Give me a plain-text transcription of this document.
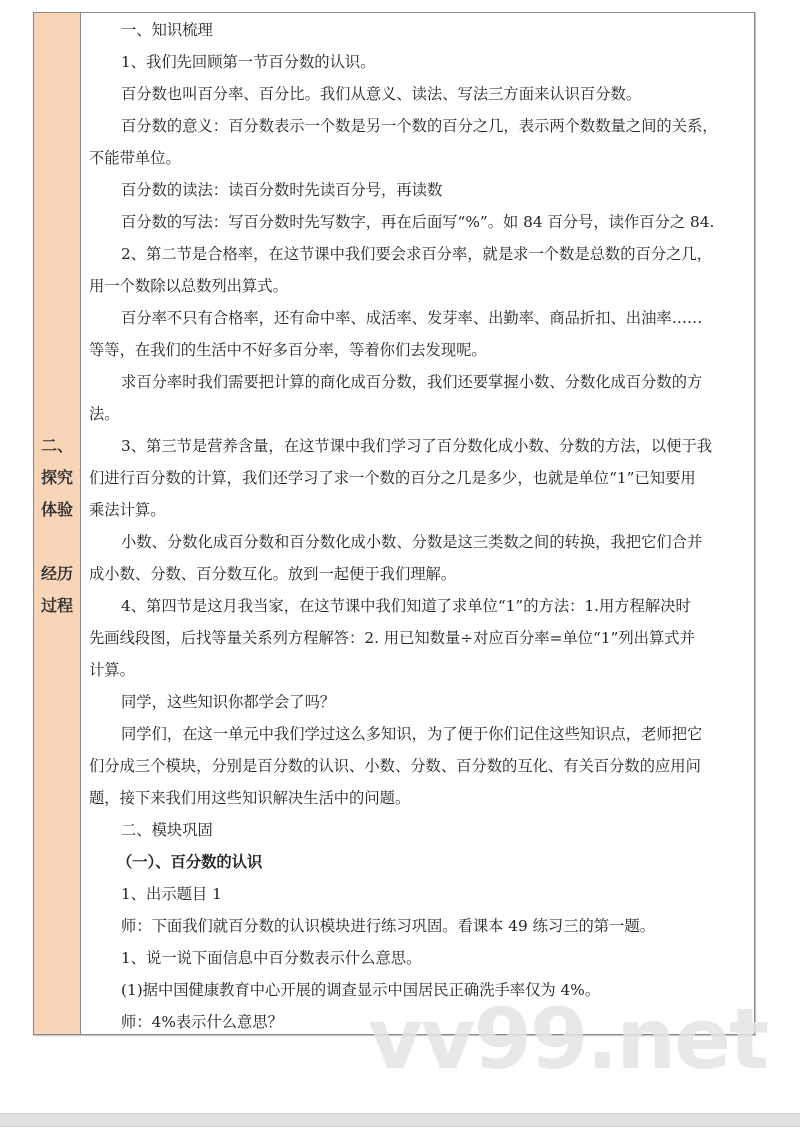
二、
探究
体验
经历
过程
一、知识梳理
1、我们先回顾第一节百分数的认识。
百分数也叫百分率、百分比。我们从意义、读法、写法三方面来认识百分数。
百分数的意义：百分数表示一个数是另一个数的百分之几，表示两个数数量之间的关系，
不能带单位。
百分数的读法：读百分数时先读百分号，再读数
百分数的写法：写百分数时先写数字，再在后面写“%”。如 84 百分号，读作百分之 84.
2、第二节是合格率，在这节课中我们要会求百分率，就是求一个数是总数的百分之几，
用一个数除以总数列出算式。
百分率不只有合格率，还有命中率、成活率、发芽率、出勤率、商品折扣、出油率……
等等，在我们的生活中不好多百分率，等着你们去发现呢。
求百分率时我们需要把计算的商化成百分数，我们还要掌握小数、分数化成百分数的方
法。
3、第三节是营养含量，在这节课中我们学习了百分数化成小数、分数的方法，以便于我
们进行百分数的计算，我们还学习了求一个数的百分之几是多少，也就是单位“1”已知要用
乘法计算。
小数、分数化成百分数和百分数化成小数、分数是这三类数之间的转换，我把它们合并
成小数、分数、百分数互化。放到一起便于我们理解。
4、第四节是这月我当家，在这节课中我们知道了求单位“1”的方法：1.用方程解决时
先画线段图，后找等量关系列方程解答：2. 用已知数量÷对应百分率=单位“1”列出算式并
计算。
同学，这些知识你都学会了吗？
同学们，在这一单元中我们学过这么多知识，为了便于你们记住这些知识点，老师把它
们分成三个模块，分别是百分数的认识、小数、分数、百分数的互化、有关百分数的应用问
题，接下来我们用这些知识解决生活中的问题。
二、模块巩固
（一）、百分数的认识
1、出示题目 1
师：下面我们就百分数的认识模块进行练习巩固。看课本 49 练习三的第一题。
1、说一说下面信息中百分数表示什么意思。
(1)据中国健康教育中心开展的调查显示中国居民正确洗手率仅为 4%。
师：4%表示什么意思？	vv99.net
